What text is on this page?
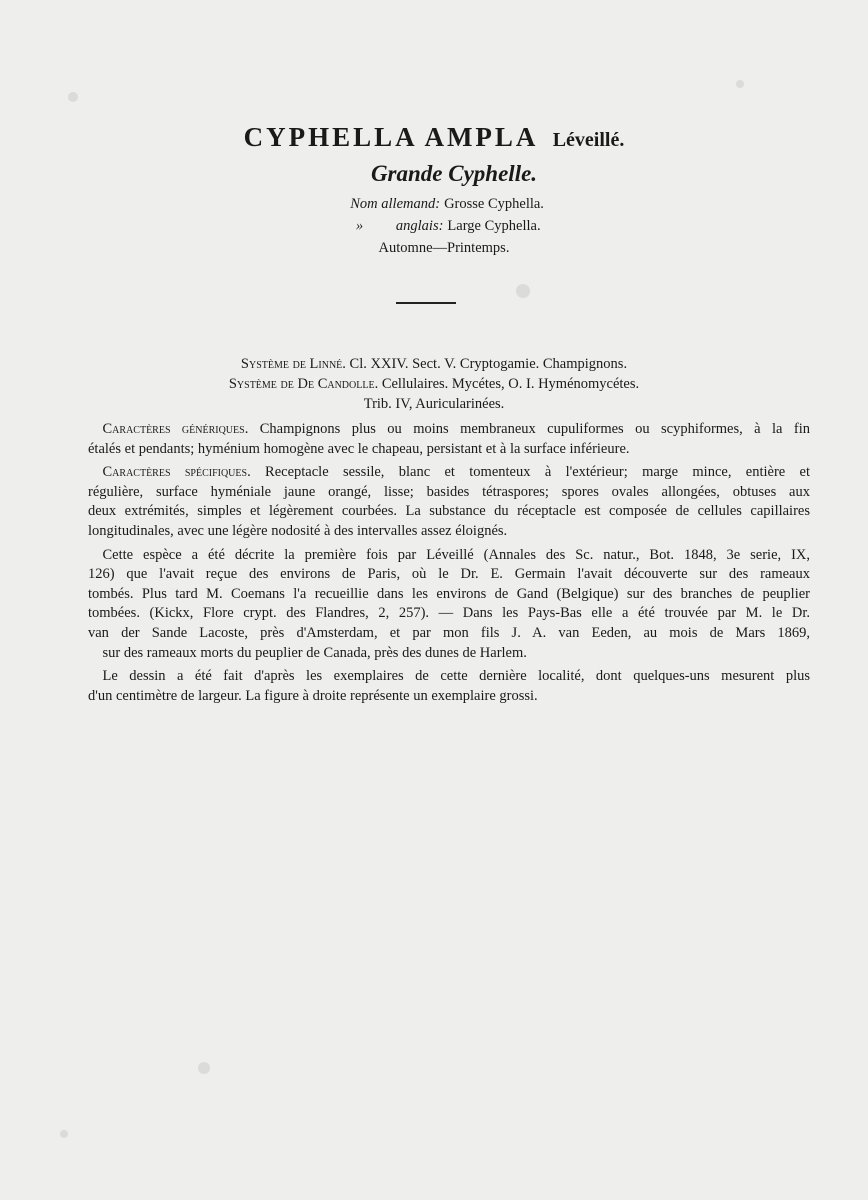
CYPHELLA AMPLA Léveillé.
Grande Cyphelle.
Nom allemand: Grosse Cyphella.
» anglais: Large Cyphella.
Automne—Printemps.
Système de Linné. Cl. XXIV. Sect. V. Cryptogamie. Champignons.
Système de De Candolle. Cellulaires. Mycétes, O. I. Hyménomycétes.
Trib. IV, Auricularinées.

Caractères génériques. Champignons plus ou moins membraneux cupuliformes ou scyphiformes, à la fin
étalés et pendants; hyménium homogène avec le chapeau, persistant et à la surface inférieure.

Caractères spécifiques. Receptacle sessile, blanc et tomenteux à l'extérieur; marge mince, entière et
régulière, surface hyméniale jaune orangé, lisse; basides tétraspores; spores ovales allongées, obtuses aux
deux extrémités, simples et légèrement courbées. La substance du réceptacle est composée de cellules capillaires
longitudinales, avec une légère nodosité à des intervalles assez éloignés.

Cette espèce a été décrite la première fois par Léveillé (Annales des Sc. natur., Bot. 1848, 3e serie, IX,
126) que l'avait reçue des environs de Paris, où le Dr. E. Germain l'avait découverte sur des rameaux
tombés. Plus tard M. Coemans l'a recueillie dans les environs de Gand (Belgique) sur des branches de peuplier
tombées. (Kickx, Flore crypt. des Flandres, 2, 257). — Dans les Pays-Bas elle a été trouvée par M. le Dr.
van der Sande Lacoste, près d'Amsterdam, et par mon fils J. A. van Eeden, au mois de Mars 1869,
sur des rameaux morts du peuplier de Canada, près des dunes de Harlem.

Le dessin a été fait d'après les exemplaires de cette dernière localité, dont quelques-uns mesurent plus
d'un centimètre de largeur. La figure à droite représente un exemplaire grossi.
